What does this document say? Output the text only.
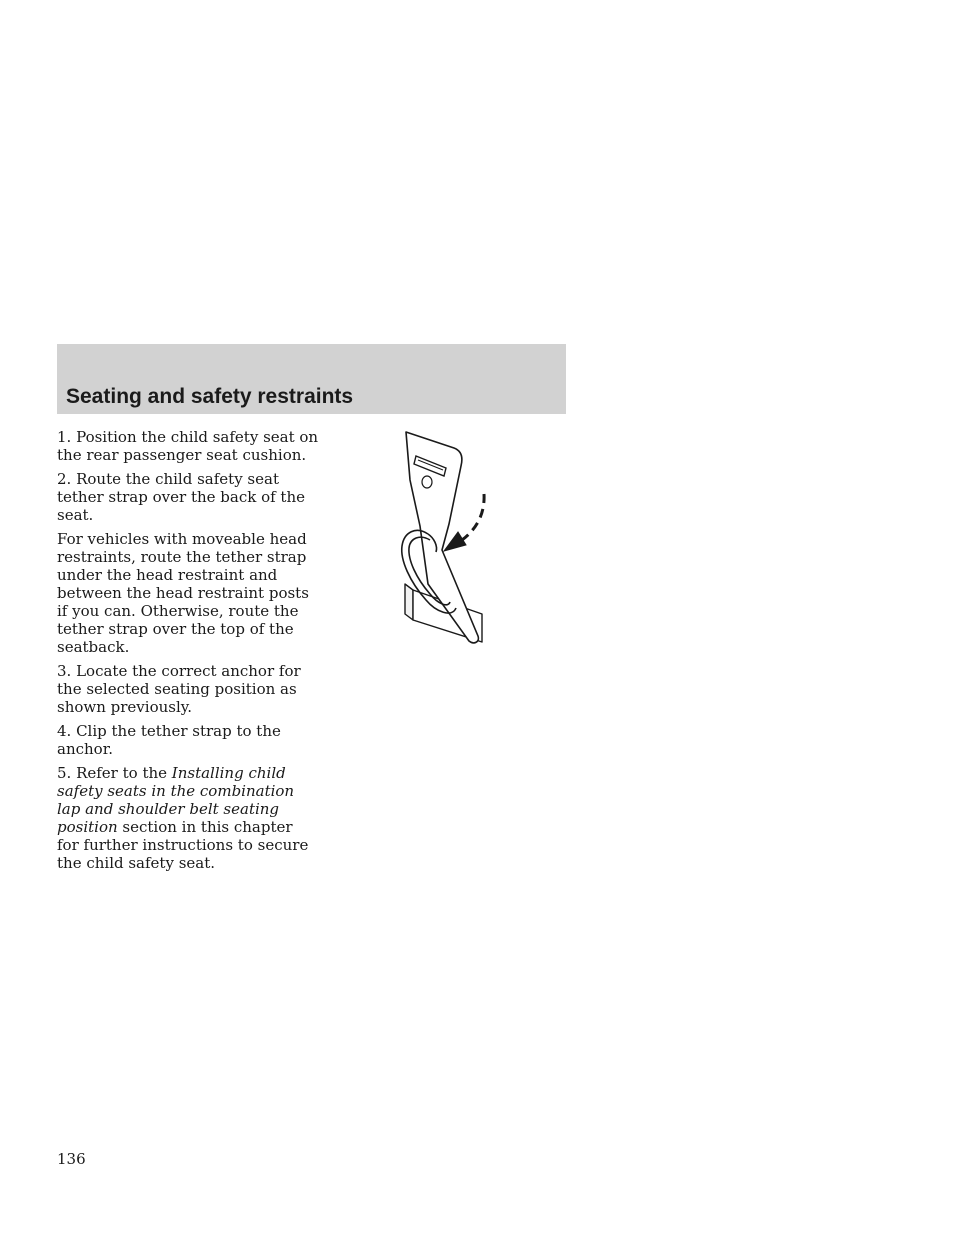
Seating and safety restraints

1. Position the child safety seat on the rear passenger seat cushion.

2. Route the child safety seat tether strap over the back of the seat.

For vehicles with moveable head restraints, route the tether strap under the head restraint and between the head restraint posts if you can. Otherwise, route the tether strap over the top of the seatback.

3. Locate the correct anchor for the selected seating position as shown previously.

4. Clip the tether strap to the anchor.

5. Refer to the Installing child safety seats in the combination lap and shoulder belt seating position section in this chapter for further instructions to secure the child safety seat.

136
